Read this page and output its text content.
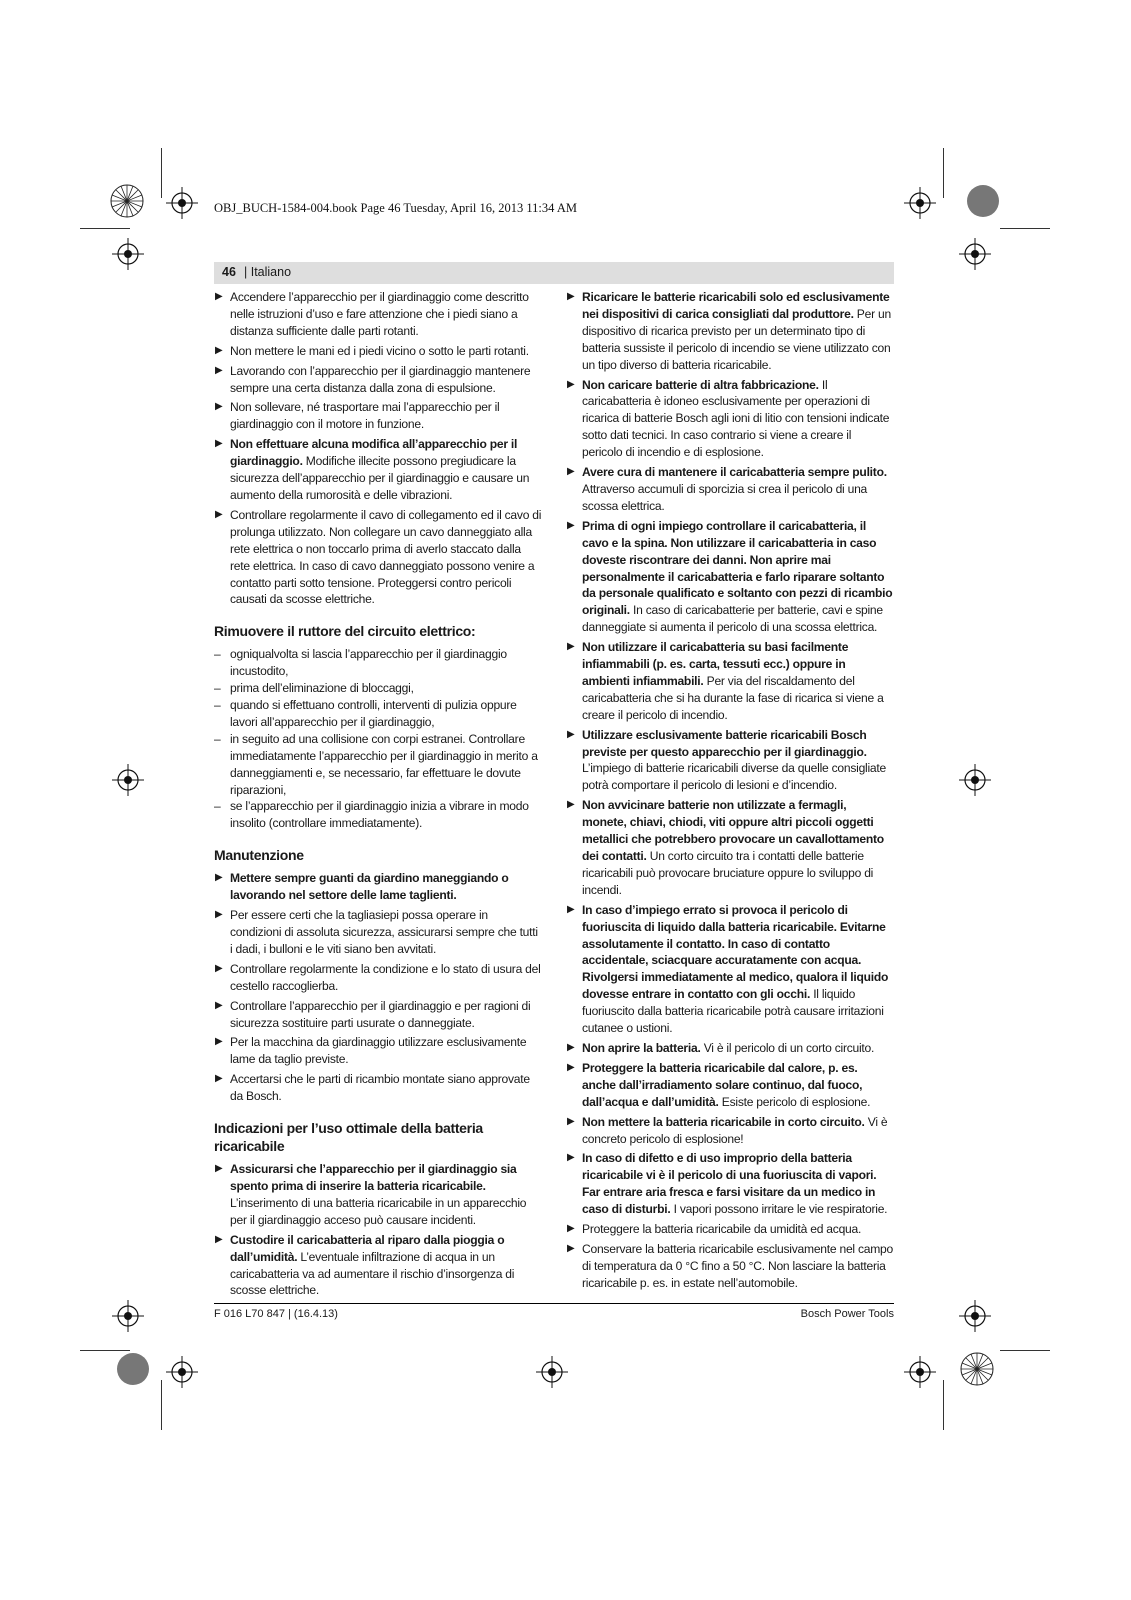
OBJ_BUCH-1584-004.book Page 46 Tuesday, April 16, 2013 11:34 AM
46 | Italiano
▶ Accendere l’apparecchio per il giardinaggio come descritto nelle istruzioni d’uso e fare attenzione che i piedi siano a distanza sufficiente dalle parti rotanti.
▶ Non mettere le mani ed i piedi vicino o sotto le parti rotanti.
▶ Lavorando con l’apparecchio per il giardinaggio mantenere sempre una certa distanza dalla zona di espulsione.
▶ Non sollevare, né trasportare mai l’apparecchio per il giardinaggio con il motore in funzione.
▶ Non effettuare alcuna modifica all’apparecchio per il giardinaggio. Modifiche illecite possono pregiudicare la sicurezza dell’apparecchio per il giardinaggio e causare un aumento della rumorosità e delle vibrazioni.
▶ Controllare regolarmente il cavo di collegamento ed il cavo di prolunga utilizzato. Non collegare un cavo danneggiato alla rete elettrica o non toccarlo prima di averlo staccato dalla rete elettrica. In caso di cavo danneggiato possono venire a contatto parti sotto tensione. Proteggersi contro pericoli causati da scosse elettriche.
Rimuovere il ruttore del circuito elettrico:
– ogniqualvolta si lascia l’apparecchio per il giardinaggio incustodito,
– prima dell’eliminazione di bloccaggi,
– quando si effettuano controlli, interventi di pulizia oppure lavori all’apparecchio per il giardinaggio,
– in seguito ad una collisione con corpi estranei. Controllare immediatamente l’apparecchio per il giardinaggio in merito a danneggiamenti e, se necessario, far effettuare le dovute riparazioni,
– se l’apparecchio per il giardinaggio inizia a vibrare in modo insolito (controllare immediatamente).
Manutenzione
▶ Mettere sempre guanti da giardino maneggiando o lavorando nel settore delle lame taglienti.
▶ Per essere certi che la tagliasiepi possa operare in condizioni di assoluta sicurezza, assicurarsi sempre che tutti i dadi, i bulloni e le viti siano ben avvitati.
▶ Controllare regolarmente la condizione e lo stato di usura del cestello raccoglierba.
▶ Controllare l’apparecchio per il giardinaggio e per ragioni di sicurezza sostituire parti usurate o danneggiate.
▶ Per la macchina da giardinaggio utilizzare esclusivamente lame da taglio previste.
▶ Accertarsi che le parti di ricambio montate siano approvate da Bosch.
Indicazioni per l’uso ottimale della batteria ricaricabile
▶ Assicurarsi che l’apparecchio per il giardinaggio sia spento prima di inserire la batteria ricaricabile. L’inserimento di una batteria ricaricabile in un apparecchio per il giardinaggio acceso può causare incidenti.
▶ Custodire il caricabatteria al riparo dalla pioggia o dall’umidità. L’eventuale infiltrazione di acqua in un caricabatteria va ad aumentare il rischio d’insorgenza di scosse elettriche.
▶ Ricaricare le batterie ricaricabili solo ed esclusivamente nei dispositivi di carica consigliati dal produttore. Per un dispositivo di ricarica previsto per un determinato tipo di batteria sussiste il pericolo di incendio se viene utilizzato con un tipo diverso di batteria ricaricabile.
▶ Non caricare batterie di altra fabbricazione. Il caricabatteria è idoneo esclusivamente per operazioni di ricarica di batterie Bosch agli ioni di litio con tensioni indicate sotto dati tecnici. In caso contrario si viene a creare il pericolo di incendio e di esplosione.
▶ Avere cura di mantenere il caricabatteria sempre pulito. Attraverso accumuli di sporcizia si crea il pericolo di una scossa elettrica.
▶ Prima di ogni impiego controllare il caricabatteria, il cavo e la spina. Non utilizzare il caricabatteria in caso doveste riscontrare dei danni. Non aprire mai personalmente il caricabatteria e farlo riparare soltanto da personale qualificato e soltanto con pezzi di ricambio originali. In caso di caricabatterie per batterie, cavi e spine danneggiate si aumenta il pericolo di una scossa elettrica.
▶ Non utilizzare il caricabatteria su basi facilmente infiammabili (p. es. carta, tessuti ecc.) oppure in ambienti infiammabili. Per via del riscaldamento del caricabatteria che si ha durante la fase di ricarica si viene a creare il pericolo di incendio.
▶ Utilizzare esclusivamente batterie ricaricabili Bosch previste per questo apparecchio per il giardinaggio. L’impiego di batterie ricaricabili diverse da quelle consigliate potrà comportare il pericolo di lesioni e d’incendio.
▶ Non avvicinare batterie non utilizzate a fermagli, monete, chiavi, chiodi, viti oppure altri piccoli oggetti metallici che potrebbero provocare un cavallottamento dei contatti. Un corto circuito tra i contatti delle batterie ricaricabili può provocare bruciature oppure lo sviluppo di incendi.
▶ In caso d’impiego errato si provoca il pericolo di fuoriuscita di liquido dalla batteria ricaricabile. Evitarne assolutamente il contatto. In caso di contatto accidentale, sciacquare accuratamente con acqua. Rivolgersi immediatamente al medico, qualora il liquido dovesse entrare in contatto con gli occhi. Il liquido fuoriuscito dalla batteria ricaricabile potrà causare irritazioni cutanee o ustioni.
▶ Non aprire la batteria. Vi è il pericolo di un corto circuito.
▶ Proteggere la batteria ricaricabile dal calore, p. es. anche dall’irradiamento solare continuo, dal fuoco, dall’acqua e dall’umidità. Esiste pericolo di esplosione.
▶ Non mettere la batteria ricaricabile in corto circuito. Vi è concreto pericolo di esplosione!
▶ In caso di difetto e di uso improprio della batteria ricaricabile vi è il pericolo di una fuoriuscita di vapori. Far entrare aria fresca e farsi visitare da un medico in caso di disturbi. I vapori possono irritare le vie respiratorie.
▶ Proteggere la batteria ricaricabile da umidità ed acqua.
▶ Conservare la batteria ricaricabile esclusivamente nel campo di temperatura da 0 °C fino a 50 °C. Non lasciare la batteria ricaricabile p. es. in estate nell’automobile.
F 016 L70 847 | (16.4.13)	Bosch Power Tools
